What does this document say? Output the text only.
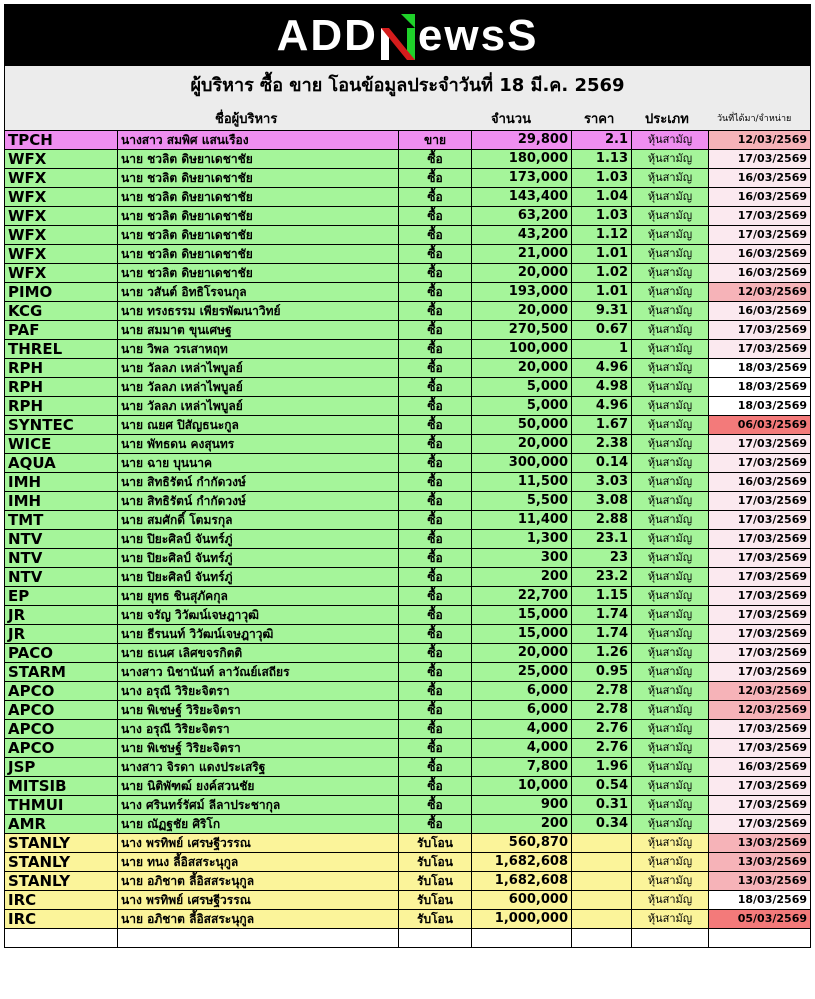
ADD ewsS
ผู้บริหาร ซื้อ ขาย โอนข้อมูลประจำวันที่ 18 มี.ค. 2569
ชื่อผู้บริหาร	จำนวน	ราคา ประเภท	วันที่ได้มา/จำหน่าย
TPCH	นางสาว สมพิศ แสนเรือง	ขาย	29,800	2.1	หุ้นสามัญ	12/03/2569
WFX	นาย ชวลิต ดิษยาเดชาชัย	ซื้อ	180,000	1.13	หุ้นสามัญ	17/03/2569
WFX	นาย ชวลิต ดิษยาเดชาชัย	ซื้อ	173,000	1.03	หุ้นสามัญ	16/03/2569
WFX	นาย ชวลิต ดิษยาเดชาชัย	ซื้อ	143,400	1.04	หุ้นสามัญ	16/03/2569
WFX	นาย ชวลิต ดิษยาเดชาชัย	ซื้อ	63,200	1.03	หุ้นสามัญ	17/03/2569
WFX	นาย ชวลิต ดิษยาเดชาชัย	ซื้อ	43,200	1.12	หุ้นสามัญ	17/03/2569
WFX	นาย ชวลิต ดิษยาเดชาชัย	ซื้อ	21,000	1.01	หุ้นสามัญ	16/03/2569
WFX	นาย ชวลิต ดิษยาเดชาชัย	ซื้อ	20,000	1.02	หุ้นสามัญ	16/03/2569
PIMO	นาย วสันต์ อิทธิโรจนกุล	ซื้อ	193,000	1.01	หุ้นสามัญ	12/03/2569
KCG	นาย ทรงธรรม เพียรพัฒนาวิทย์	ซื้อ	20,000	9.31	หุ้นสามัญ	16/03/2569
PAF	นาย สมมาต ขุนเศษฐ	ซื้อ	270,500	0.67	หุ้นสามัญ	17/03/2569
THREL	นาย วิพล วรเสาหฤท	ซื้อ	100,000	1	หุ้นสามัญ	17/03/2569
RPH	นาย วัลลภ เหล่าไพบูลย์	ซื้อ	20,000	4.96	หุ้นสามัญ	18/03/2569
RPH	นาย วัลลภ เหล่าไพบูลย์	ซื้อ	5,000	4.98	หุ้นสามัญ	18/03/2569
RPH	นาย วัลลภ เหล่าไพบูลย์	ซื้อ	5,000	4.96	หุ้นสามัญ	18/03/2569
SYNTEC	นาย ณยศ ปิสัญธนะกูล	ซื้อ	50,000	1.67	หุ้นสามัญ	06/03/2569
WICE	นาย พัทธดน คงสุนทร	ซื้อ	20,000	2.38	หุ้นสามัญ	17/03/2569
AQUA	นาย ฉาย บุนนาค	ซื้อ	300,000	0.14	หุ้นสามัญ	17/03/2569
IMH	นาย สิทธิรัตน์ กำกัดวงษ์	ซื้อ	11,500	3.03	หุ้นสามัญ	16/03/2569
IMH	นาย สิทธิรัตน์ กำกัดวงษ์	ซื้อ	5,500	3.08	หุ้นสามัญ	17/03/2569
TMT	นาย สมศักดิ์ โตมรกุล	ซื้อ	11,400	2.88	หุ้นสามัญ	17/03/2569
NTV	นาย ปิยะศิลป์ จันทร์ภู่	ซื้อ	1,300	23.1	หุ้นสามัญ	17/03/2569
NTV	นาย ปิยะศิลป์ จันทร์ภู่	ซื้อ	300	23	หุ้นสามัญ	17/03/2569
NTV	นาย ปิยะศิลป์ จันทร์ภู่	ซื้อ	200	23.2	หุ้นสามัญ	17/03/2569
EP	นาย ยุทธ ชินสุภัคกุล	ซื้อ	22,700	1.15	หุ้นสามัญ	17/03/2569
JR	นาย จรัญ วิวัฒน์เจษฎาวุฒิ	ซื้อ	15,000	1.74	หุ้นสามัญ	17/03/2569
JR	นาย ธีรนนท์ วิวัฒน์เจษฎาวุฒิ	ซื้อ	15,000	1.74	หุ้นสามัญ	17/03/2569
PACO	นาย ธเนศ เลิศขจรกิตติ	ซื้อ	20,000	1.26	หุ้นสามัญ	17/03/2569
STARM	นางสาว นิชานันท์ ลาวัณย์เสถียร	ซื้อ	25,000	0.95	หุ้นสามัญ	17/03/2569
APCO	นาง อรุณี วิริยะจิตรา	ซื้อ	6,000	2.78	หุ้นสามัญ	12/03/2569
APCO	นาย พิเชษฐ์ วิริยะจิตรา	ซื้อ	6,000	2.78	หุ้นสามัญ	12/03/2569
APCO	นาง อรุณี วิริยะจิตรา	ซื้อ	4,000	2.76	หุ้นสามัญ	17/03/2569
APCO	นาย พิเชษฐ์ วิริยะจิตรา	ซื้อ	4,000	2.76	หุ้นสามัญ	17/03/2569
JSP	นางสาว จิรดา แดงประเสริฐ	ซื้อ	7,800	1.96	หุ้นสามัญ	16/03/2569
MITSIB	นาย นิติพัฑฒ์ ยงค์สวนชัย	ซื้อ	10,000	0.54	หุ้นสามัญ	17/03/2569
THMUI	นาง ศรินทร์รัศม์ ลีลาประชากุล	ซื้อ	900	0.31	หุ้นสามัญ	17/03/2569
AMR	นาย ณัฏฐชัย ศิริโก	ซื้อ	200	0.34	หุ้นสามัญ	17/03/2569
STANLY	นาง พรทิพย์ เศรษฐีวรรณ	รับโอน	560,870		หุ้นสามัญ	13/03/2569
STANLY	นาย ทนง ลี้อิสสระนุกูล	รับโอน	1,682,608		หุ้นสามัญ	13/03/2569
STANLY	นาย อภิชาต ลี้อิสสระนุกูล	รับโอน	1,682,608		หุ้นสามัญ	13/03/2569
IRC	นาง พรทิพย์ เศรษฐีวรรณ	รับโอน	600,000		หุ้นสามัญ	18/03/2569
IRC	นาย อภิชาต ลี้อิสสระนุกูล	รับโอน	1,000,000		หุ้นสามัญ	05/03/2569
